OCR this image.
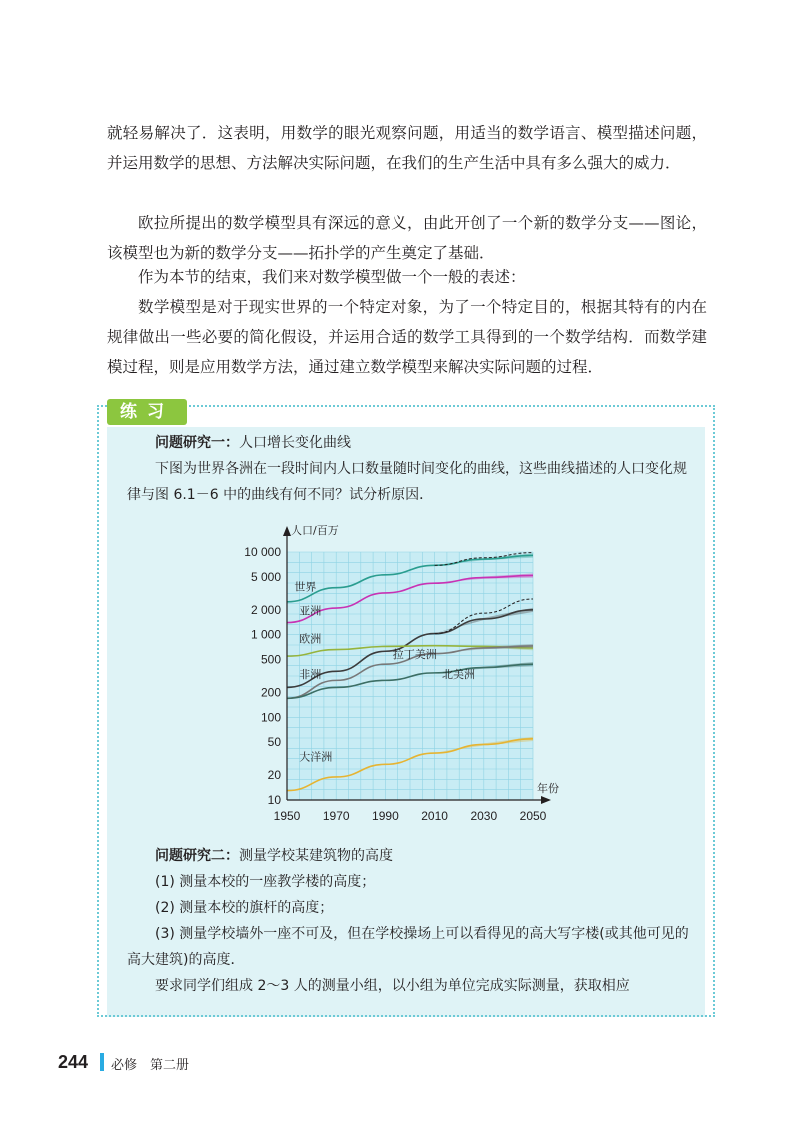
就轻易解决了．这表明，用数学的眼光观察问题，用适当的数学语言、模型描述问题，并运用数学的思想、方法解决实际问题，在我们的生产生活中具有多么强大的威力．

欧拉所提出的数学模型具有深远的意义，由此开创了一个新的数学分支——图论，该模型也为新的数学分支——拓扑学的产生奠定了基础．

作为本节的结束，我们来对数学模型做一个一般的表述：

数学模型是对于现实世界的一个特定对象，为了一个特定目的，根据其特有的内在规律做出一些必要的简化假设，并运用合适的数学工具得到的一个数学结构．而数学建模过程，则是应用数学方法，通过建立数学模型来解决实际问题的过程．

练习

问题研究一：人口增长变化曲线

下图为世界各洲在一段时间内人口数量随时间变化的曲线，这些曲线描述的人口变化规律与图 6.1－6 中的曲线有何不同？试分析原因．

10 000
5 000
2 000
1 000
500
200
100
50
20
10
1950 1970 1990 2010 2030 2050
人口/百万
年份
世界
亚洲
非洲
欧洲
拉丁美洲
北美洲
大洋洲

问题研究二：测量学校某建筑物的高度

(1) 测量本校的一座教学楼的高度；

(2) 测量本校的旗杆的高度；

(3) 测量学校墙外一座不可及，但在学校操场上可以看得见的高大写字楼(或其他可见的高大建筑)的高度．

要求同学们组成 2～3 人的测量小组，以小组为单位完成实际测量，获取相应

244 必修　第二册
